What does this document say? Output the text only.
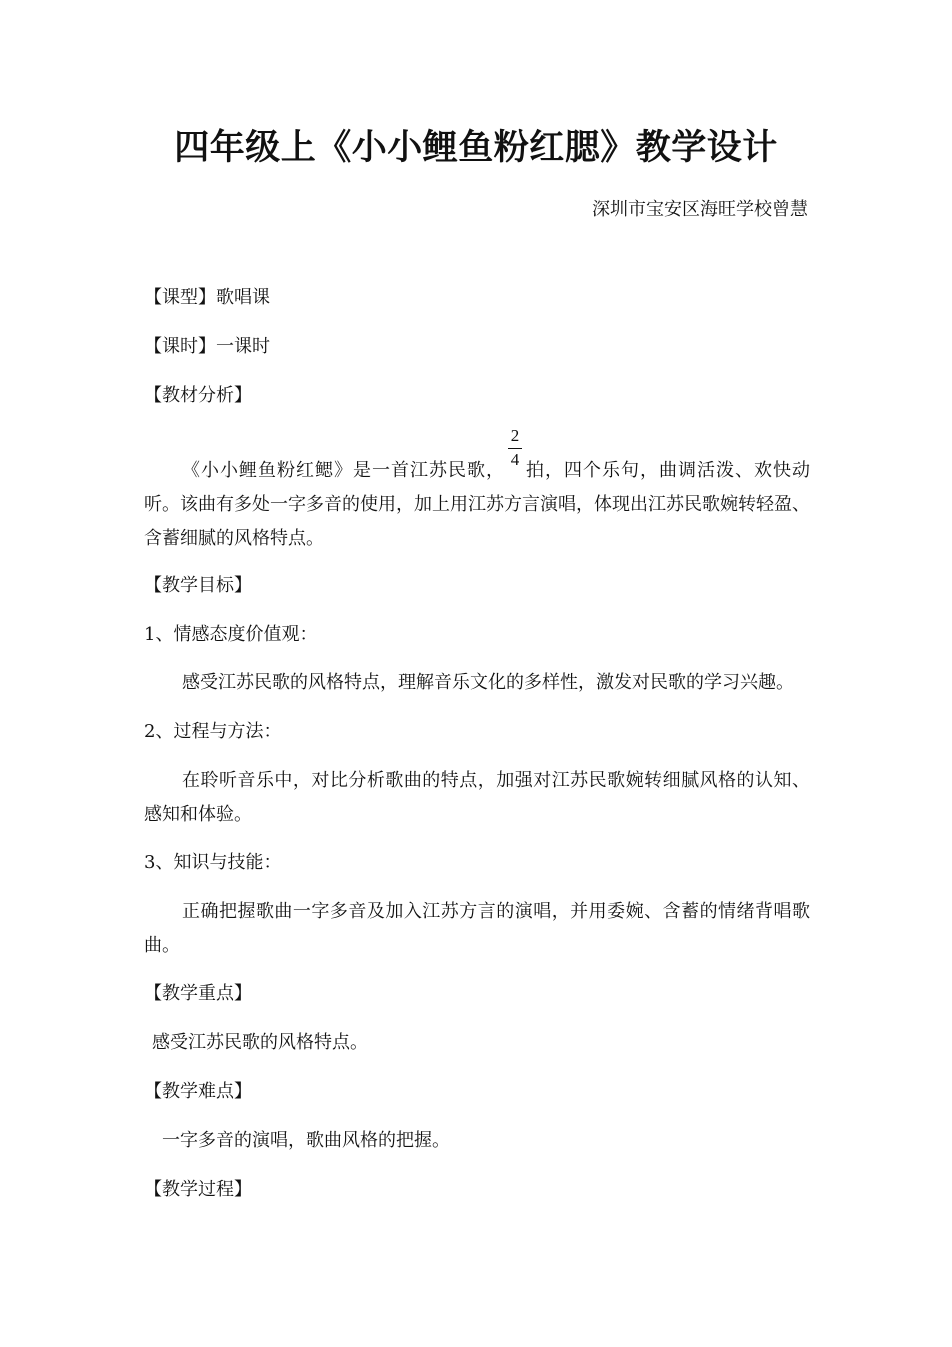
四年级上《小小鲤鱼粉红腮》教学设计
深圳市宝安区海旺学校曾慧
【课型】歌唱课
【课时】一课时
【教材分析】
《小小鲤鱼粉红鳃》是一首江苏民歌， $\frac{2}{4}$ 拍，四个乐句，曲调活泼、欢快动听。该曲有多处一字多音的使用，加上用江苏方言演唱，体现出江苏民歌婉转轻盈、含蓄细腻的风格特点。
【教学目标】
1、情感态度价值观：
感受江苏民歌的风格特点，理解音乐文化的多样性，激发对民歌的学习兴趣。
2、过程与方法：
在聆听音乐中，对比分析歌曲的特点，加强对江苏民歌婉转细腻风格的认知、感知和体验。
3、知识与技能：
正确把握歌曲一字多音及加入江苏方言的演唱，并用委婉、含蓄的情绪背唱歌曲。
【教学重点】
感受江苏民歌的风格特点。
【教学难点】
一字多音的演唱，歌曲风格的把握。
【教学过程】
